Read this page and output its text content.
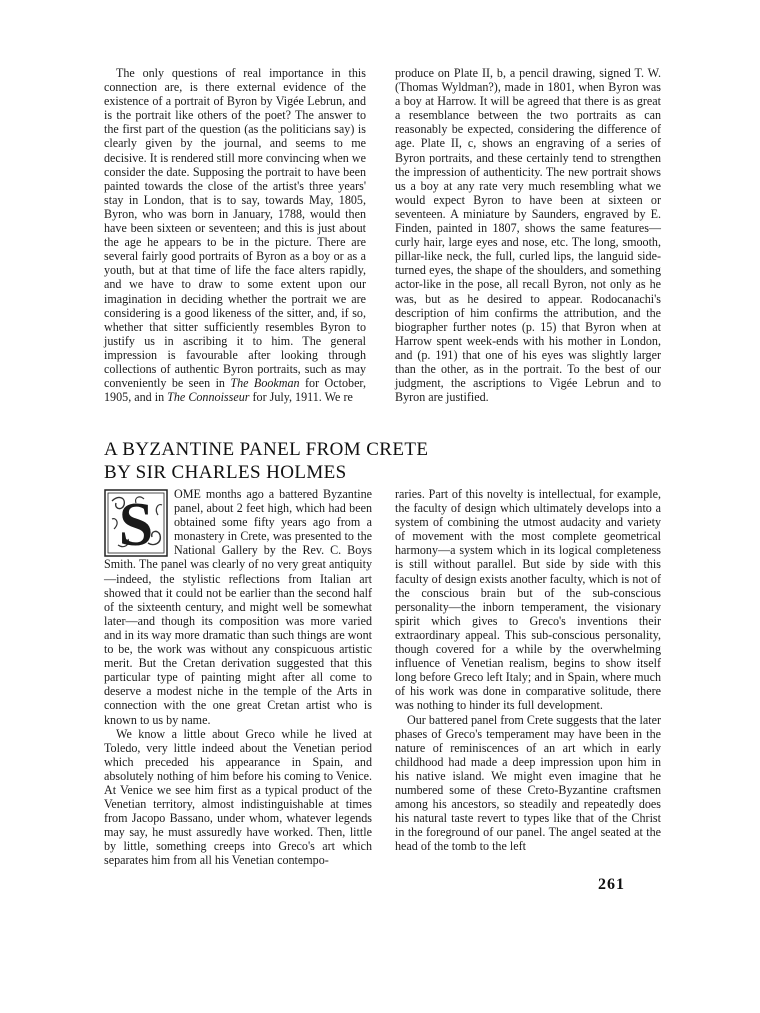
The only questions of real importance in this connection are, is there external evidence of the existence of a portrait of Byron by Vigée Lebrun, and is the portrait like others of the poet? The answer to the first part of the question (as the politicians say) is clearly given by the journal, and seems to me decisive. It is rendered still more convincing when we consider the date. Supposing the portrait to have been painted towards the close of the artist's three years' stay in London, that is to say, towards May, 1805, Byron, who was born in January, 1788, would then have been sixteen or seventeen; and this is just about the age he appears to be in the picture. There are several fairly good portraits of Byron as a boy or as a youth, but at that time of life the face alters rapidly, and we have to draw to some extent upon our imagination in deciding whether the portrait we are considering is a good likeness of the sitter, and, if so, whether that sitter sufficiently resembles Byron to justify us in ascribing it to him. The general impression is favourable after looking through collections of authentic Byron portraits, such as may conveniently be seen in The Bookman for October, 1905, and in The Connoisseur for July, 1911. We re

produce on Plate II, b, a pencil drawing, signed T. W. (Thomas Wyldman?), made in 1801, when Byron was a boy at Harrow. It will be agreed that there is as great a resemblance between the two portraits as can reasonably be expected, considering the difference of age. Plate II, c, shows an engraving of a series of Byron portraits, and these certainly tend to strengthen the impression of authenticity. The new portrait shows us a boy at any rate very much resembling what we would expect Byron to have been at sixteen or seventeen. A miniature by Saunders, engraved by E. Finden, painted in 1807, shows the same features—curly hair, large eyes and nose, etc. The long, smooth, pillar-like neck, the full, curled lips, the languid side-turned eyes, the shape of the shoulders, and something actor-like in the pose, all recall Byron, not only as he was, but as he desired to appear. Rodocanachi's description of him confirms the attribution, and the biographer further notes (p. 15) that Byron when at Harrow spent week-ends with his mother in London, and (p. 191) that one of his eyes was slightly larger than the other, as in the portrait. To the best of our judgment, the ascriptions to Vigée Lebrun and to Byron are justified.

A BYZANTINE PANEL FROM CRETE
BY SIR CHARLES HOLMES
S	OME months ago a battered Byzantine panel, about 2 feet high, which had been obtained some fifty years ago from a monastery in Crete, was presented to the National Gallery by the Rev. C. Boys Smith. The panel was clearly of no very great antiquity—indeed, the stylistic reflections from Italian art showed that it could not be earlier than the second half of the sixteenth century, and might well be somewhat later—and though its composition was more varied and in its way more dramatic than such things are wont to be, the work was without any conspicuous artistic merit. But the Cretan derivation suggested that this particular type of painting might after all come to deserve a modest niche in the temple of the Arts in connection with the one great Cretan artist who is known to us by name.
We know a little about Greco while he lived at Toledo, very little indeed about the Venetian period which preceded his appearance in Spain, and absolutely nothing of him before his coming to Venice. At Venice we see him first as a typical product of the Venetian territory, almost indistinguishable at times from Jacopo Bassano, under whom, whatever legends may say, he must assuredly have worked. Then, little by little, something creeps into Greco's art which separates him from all his Venetian contempo-

raries. Part of this novelty is intellectual, for example, the faculty of design which ultimately develops into a system of combining the utmost audacity and variety of movement with the most complete geometrical harmony—a system which in its logical completeness is still without parallel. But side by side with this faculty of design exists another faculty, which is not of the conscious brain but of the sub-conscious personality—the inborn temperament, the visionary spirit which gives to Greco's inventions their extraordinary appeal. This sub-conscious personality, though covered for a while by the overwhelming influence of Venetian realism, begins to show itself long before Greco left Italy; and in Spain, where much of his work was done in comparative solitude, there was nothing to hinder its full development.
Our battered panel from Crete suggests that the later phases of Greco's temperament may have been in the nature of reminiscences of an art which in early childhood had made a deep impression upon him in his native island. We might even imagine that he numbered some of these Creto-Byzantine craftsmen among his ancestors, so steadily and repeatedly does his natural taste revert to types like that of the Christ in the foreground of our panel. The angel seated at the head of the tomb to the left

261
